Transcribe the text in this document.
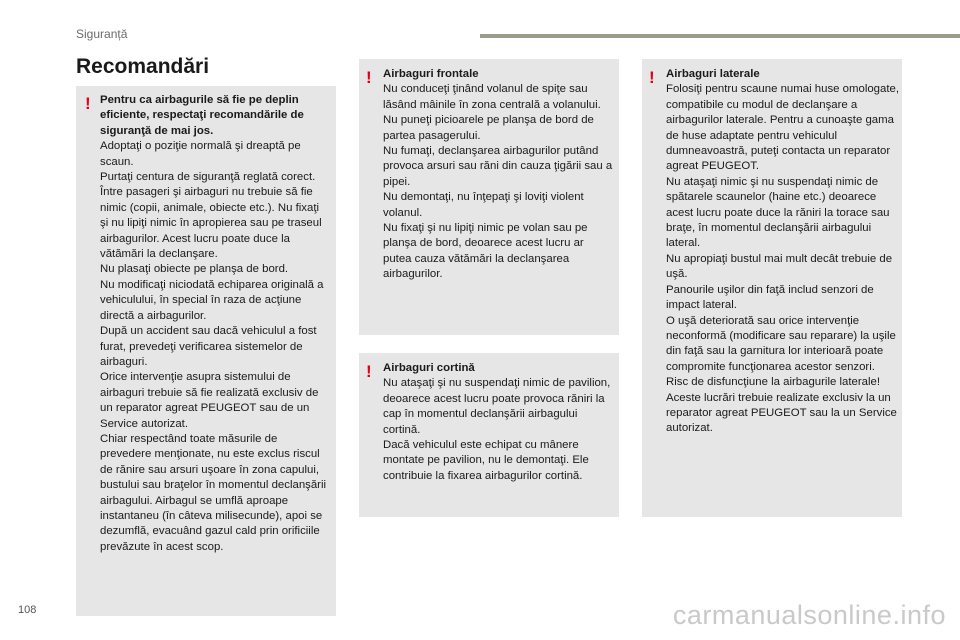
Siguranță
Recomandări
! Pentru ca airbagurile să fie pe deplin eficiente, respectaţi recomandările de siguranţă de mai jos.
Adoptaţi o poziţie normală şi dreaptă pe scaun.
Purtaţi centura de siguranţă reglată corect.
Între pasageri şi airbaguri nu trebuie să fie nimic (copii, animale, obiecte etc.). Nu fixaţi şi nu lipiţi nimic în apropierea sau pe traseul airbagurilor. Acest lucru poate duce la vătămări la declanşare.
Nu plasaţi obiecte pe planşa de bord.
Nu modificaţi niciodată echiparea originală a vehiculului, în special în raza de acţiune directă a airbagurilor.
După un accident sau dacă vehiculul a fost furat, prevedeţi verificarea sistemelor de airbaguri.
Orice intervenţie asupra sistemului de airbaguri trebuie să fie realizată exclusiv de un reparator agreat PEUGEOT sau de un Service autorizat.
Chiar respectând toate măsurile de prevedere menţionate, nu este exclus riscul de rănire sau arsuri uşoare în zona capului, bustului sau braţelor în momentul declanşării airbagului. Airbagul se umflă aproape instantaneu (în câteva milisecunde), apoi se dezumflă, evacuând gazul cald prin orificiile prevăzute în acest scop.
! Airbaguri frontale
Nu conduceţi ţinând volanul de spiţe sau lăsând mâinile în zona centrală a volanului.
Nu puneţi picioarele pe planşa de bord de partea pasagerului.
Nu fumaţi, declanşarea airbagurilor putând provoca arsuri sau răni din cauza ţigării sau a pipei.
Nu demontaţi, nu înţepaţi şi loviţi violent volanul.
Nu fixaţi şi nu lipiţi nimic pe volan sau pe planşa de bord, deoarece acest lucru ar putea cauza vătămări la declanşarea airbagurilor.
! Airbaguri cortină
Nu ataşaţi şi nu suspendaţi nimic de pavilion, deoarece acest lucru poate provoca răniri la cap în momentul declanşării airbagului cortină.
Dacă vehiculul este echipat cu mânere montate pe pavilion, nu le demontaţi. Ele contribuie la fixarea airbagurilor cortină.
! Airbaguri laterale
Folosiţi pentru scaune numai huse omologate, compatibile cu modul de declanşare a airbagurilor laterale. Pentru a cunoaşte gama de huse adaptate pentru vehiculul dumneavoastră, puteţi contacta un reparator agreat PEUGEOT.
Nu ataşaţi nimic şi nu suspendaţi nimic de spătarele scaunelor (haine etc.) deoarece acest lucru poate duce la răniri la torace sau braţe, în momentul declanşării airbagului lateral.
Nu apropiaţi bustul mai mult decât trebuie de uşă.
Panourile uşilor din faţă includ senzori de impact lateral.
O uşă deteriorată sau orice intervenţie neconformă (modificare sau reparare) la uşile din faţă sau la garnitura lor interioară poate compromite funcţionarea acestor senzori. Risc de disfuncţiune la airbagurile laterale!
Aceste lucrări trebuie realizate exclusiv la un reparator agreat PEUGEOT sau la un Service autorizat.
108	carmanualsonline.info
